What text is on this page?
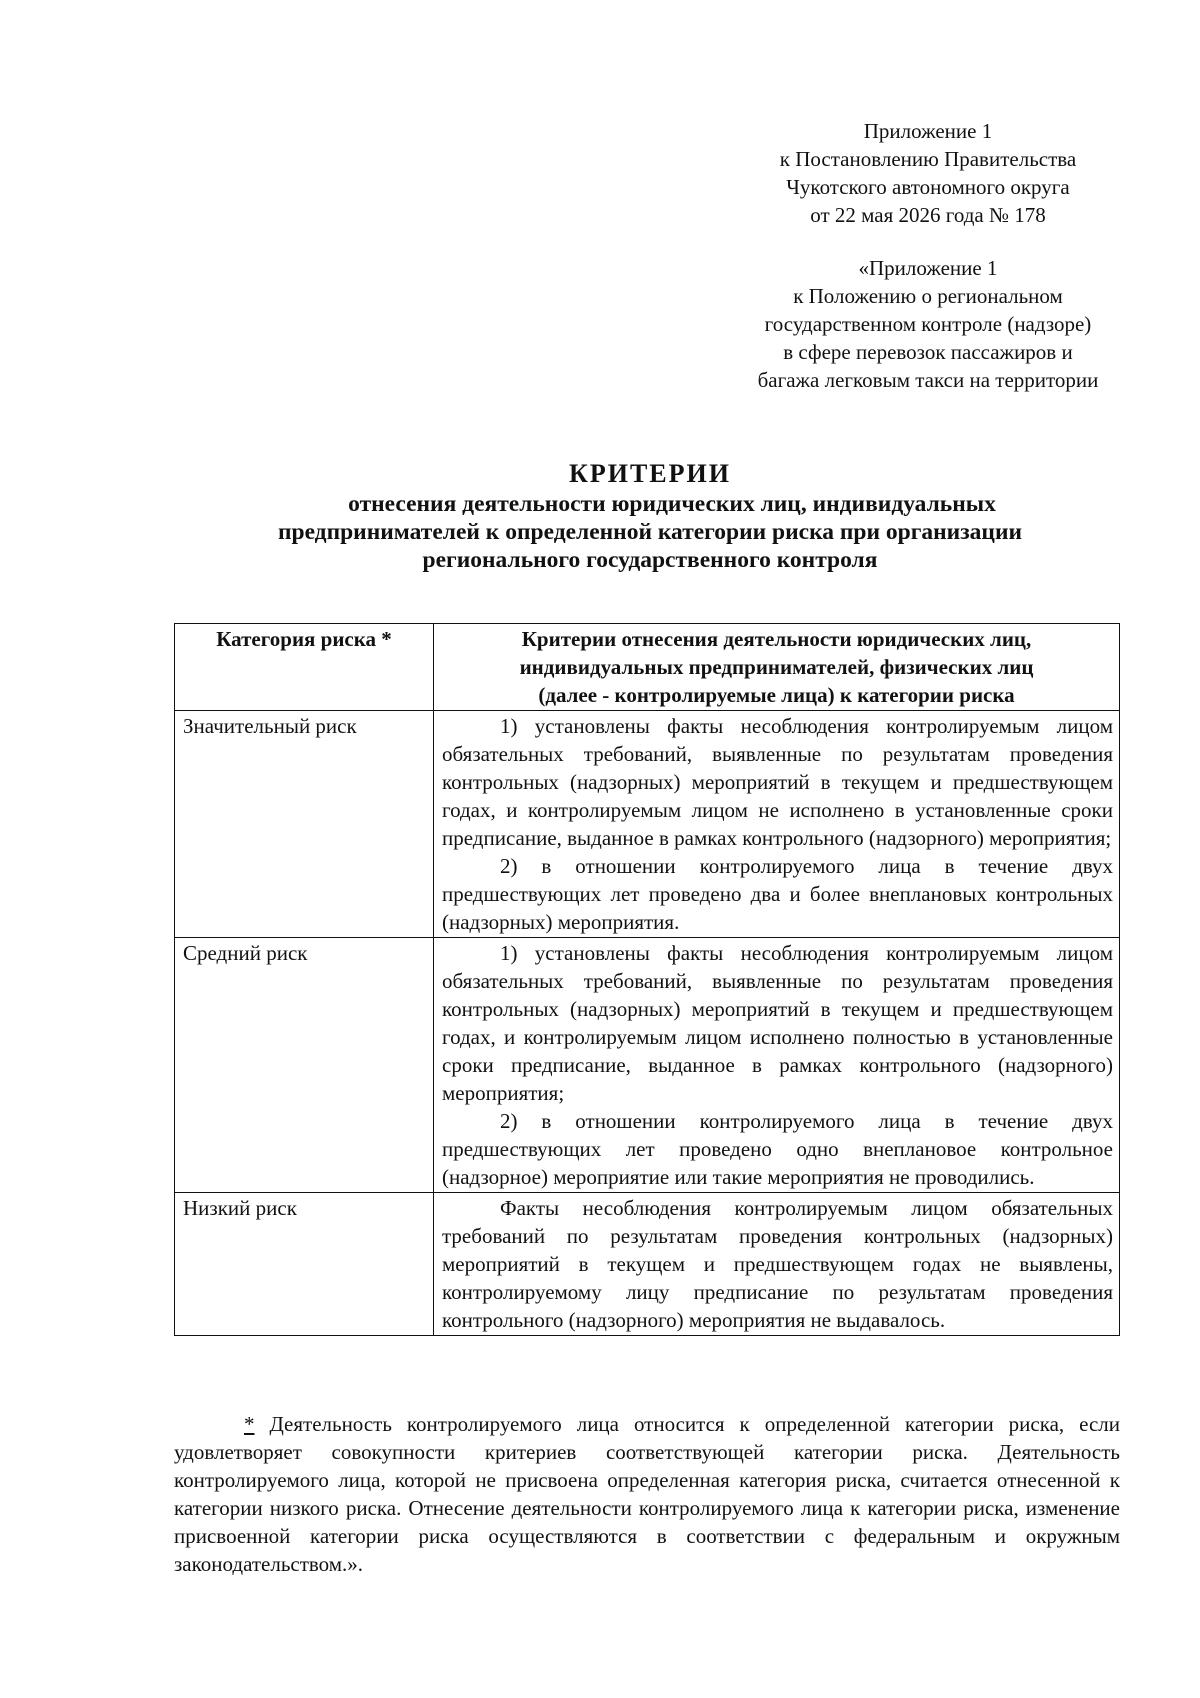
Приложение 1
к Постановлению Правительства
Чукотского автономного округа
от 22 мая 2026 года № 178
«Приложение 1
к Положению о региональном
государственном контроле (надзоре)
в сфере перевозок пассажиров и
багажа легковым такси на территории
КРИТЕРИИ
отнесения деятельности юридических лиц, индивидуальных
предпринимателей к определенной категории риска при организации
регионального государственного контроля
Категория риска *	Критерии отнесения деятельности юридических лиц,
индивидуальных предпринимателей, физических лиц
(далее - контролируемые лица) к категории риска

Значительный риск	1) установлены факты несоблюдения контролируемым лицом обязательных требований, выявленные по результатам проведения контрольных (надзорных) мероприятий в текущем и предшествующем годах, и контролируемым лицом не исполнено в установленные сроки предписание, выданное в рамках контрольного (надзорного) мероприятия;

2) в отношении контролируемого лица в течение двух предшествующих лет проведено два и более внеплановых контрольных (надзорных) мероприятия.

Средний риск	1) установлены факты несоблюдения контролируемым лицом обязательных требований, выявленные по результатам проведения контрольных (надзорных) мероприятий в текущем и предшествующем годах, и контролируемым лицом исполнено полностью в установленные сроки предписание, выданное в рамках контрольного (надзорного) мероприятия;

2) в отношении контролируемого лица в течение двух предшествующих лет проведено одно внеплановое контрольное (надзорное) мероприятие или такие мероприятия не проводились.

Низкий риск	Факты несоблюдения контролируемым лицом обязательных требований по результатам проведения контрольных (надзорных) мероприятий в текущем и предшествующем годах не выявлены, контролируемому лицу предписание по результатам проведения контрольного (надзорного) мероприятия не выдавалось.

* Деятельность контролируемого лица относится к определенной категории риска, если удовлетворяет совокупности критериев соответствующей категории риска. Деятельность контролируемого лица, которой не присвоена определенная категория риска, считается отнесенной к категории низкого риска. Отнесение деятельности контролируемого лица к категории риска, изменение присвоенной категории риска осуществляются в соответствии с федеральным и окружным законодательством.».
